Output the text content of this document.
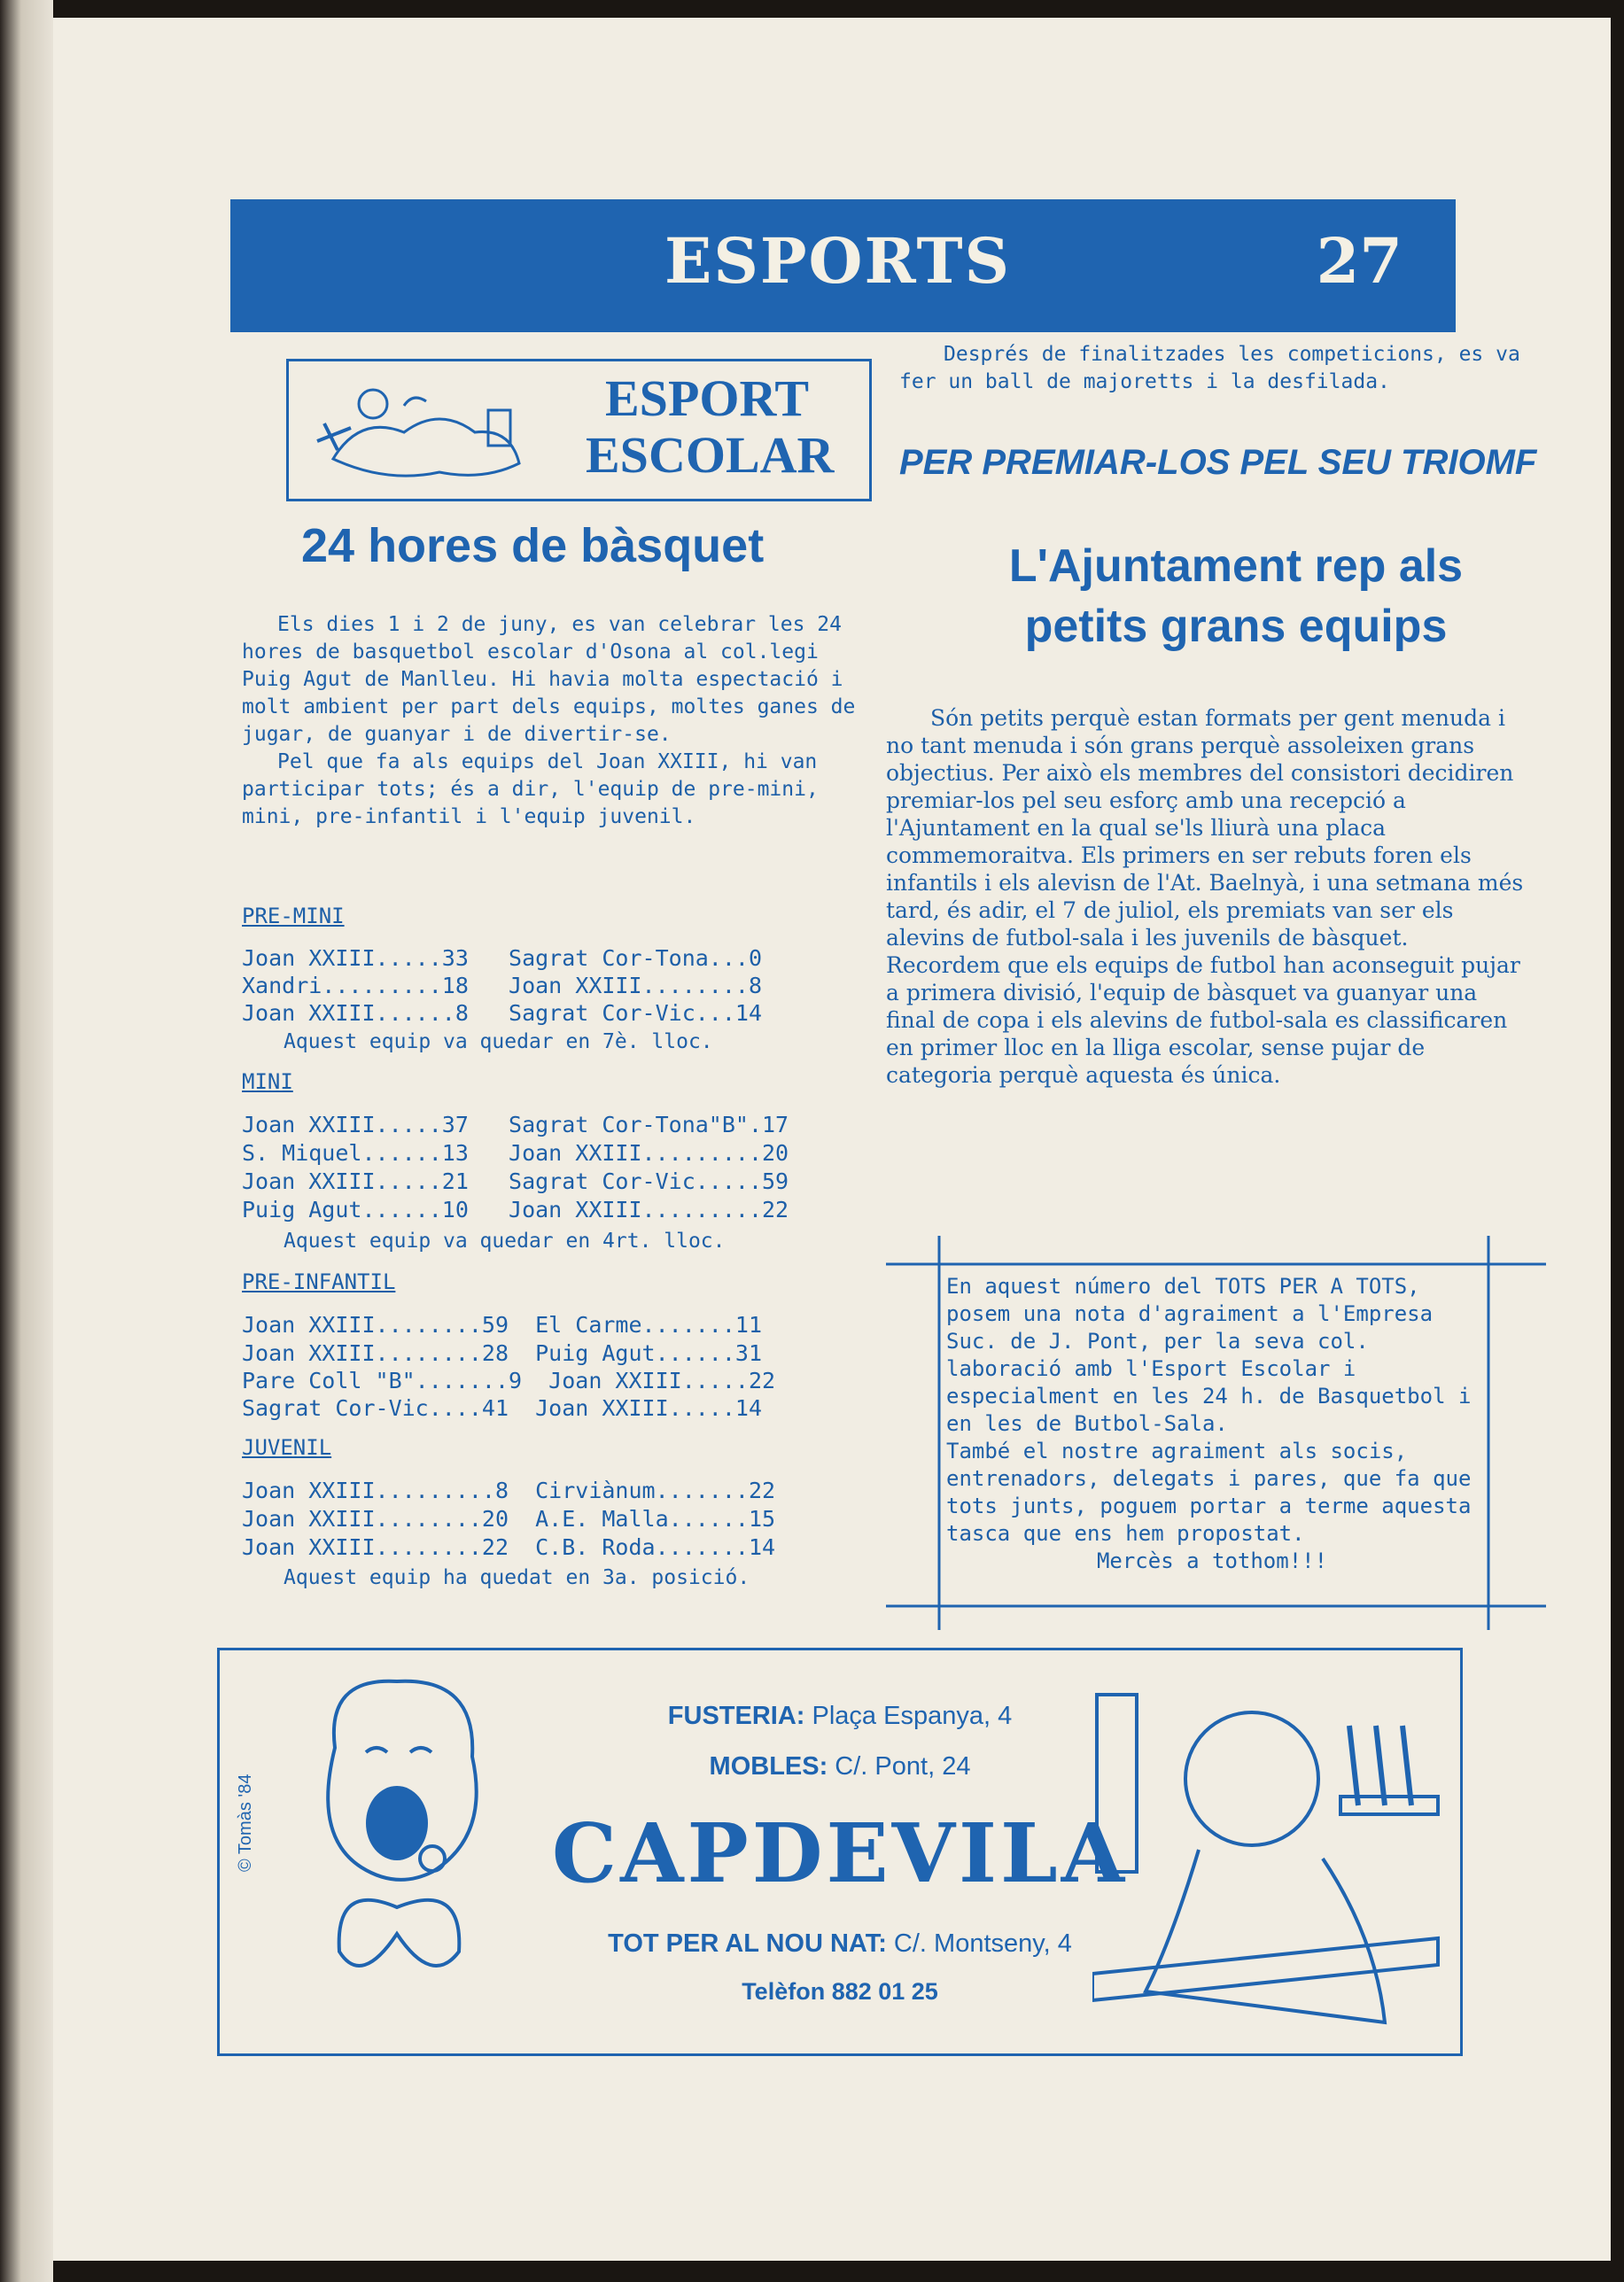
ESPORTS	27
ESPORT
ESCOLAR
24 hores de bàsquet

Els dies 1 i 2 de juny, es van celebrar les 24 hores de basquetbol escolar d'Osona al col.legi Puig Agut de Manlleu. Hi havia molta espectació i molt ambient per part dels equips, moltes ganes de jugar, de guanyar i de divertir-se.

Pel que fa als equips del Joan XXIII, hi van participar tots; és a dir, l'equip de pre-mini, mini, pre-infantil i l'equip juvenil.

PRE-MINI
Joan XXIII.....33   Sagrat Cor-Tona...0
Xandri.........18   Joan XXIII........8
Joan XXIII......8   Sagrat Cor-Vic...14
Aquest equip va quedar en 7è. lloc.
MINI
Joan XXIII.....37   Sagrat Cor-Tona"B".17
S. Miquel......13   Joan XXIII.........20
Joan XXIII.....21   Sagrat Cor-Vic.....59
Puig Agut......10   Joan XXIII.........22
Aquest equip va quedar en 4rt. lloc.
PRE-INFANTIL
Joan XXIII........59  El Carme.......11
Joan XXIII........28  Puig Agut......31
Pare Coll "B".......9  Joan XXIII.....22
Sagrat Cor-Vic....41  Joan XXIII.....14
JUVENIL
Joan XXIII.........8  Cirviànum.......22
Joan XXIII........20  A.E. Malla......15
Joan XXIII........22  C.B. Roda.......14
Aquest equip ha quedat en 3a. posició.
Després de finalitzades les competicions, es va fer un ball de majoretts i la desfilada.
PER PREMIAR-LOS PEL SEU TRIOMF
L'Ajuntament rep als
petits grans equips

Són petits perquè estan formats per gent menuda i no tant menuda i són grans perquè assoleixen grans objectius. Per això els membres del consistori decidiren premiar-los pel seu esforç amb una recepció a l'Ajuntament en la qual se'ls lliurà una placa commemoraitva. Els primers en ser rebuts foren els infantils i els alevisn de l'At. Baelnyà, i una setmana més tard, és adir, el 7 de juliol, els premiats van ser els alevins de futbol-sala i les juvenils de bàsquet. Recordem que els equips de futbol han aconseguit pujar a primera divisió, l'equip de bàsquet va guanyar una final de copa i els alevins de futbol-sala es classificaren en primer lloc en la lliga escolar, sense pujar de categoria perquè aquesta és única.

En aquest número del TOTS PER A TOTS, posem una nota d'agraiment a l'Empresa Suc. de J. Pont, per la seva col. laboració amb l'Esport Escolar i especialment en les 24 h. de Basquetbol i en les de Butbol-Sala.
També el nostre agraiment als socis, entrenadors, delegats i pares, que fa que tots junts, poguem portar a terme aquesta tasca que ens hem propostat.
Mercès a tothom!!!
FUSTERIA: Plaça Espanya, 4
MOBLES: C/. Pont, 24
CAPDEVILA
TOT PER AL NOU NAT: C/. Montseny, 4
Telèfon 882 01 25
© Tomàs '84
